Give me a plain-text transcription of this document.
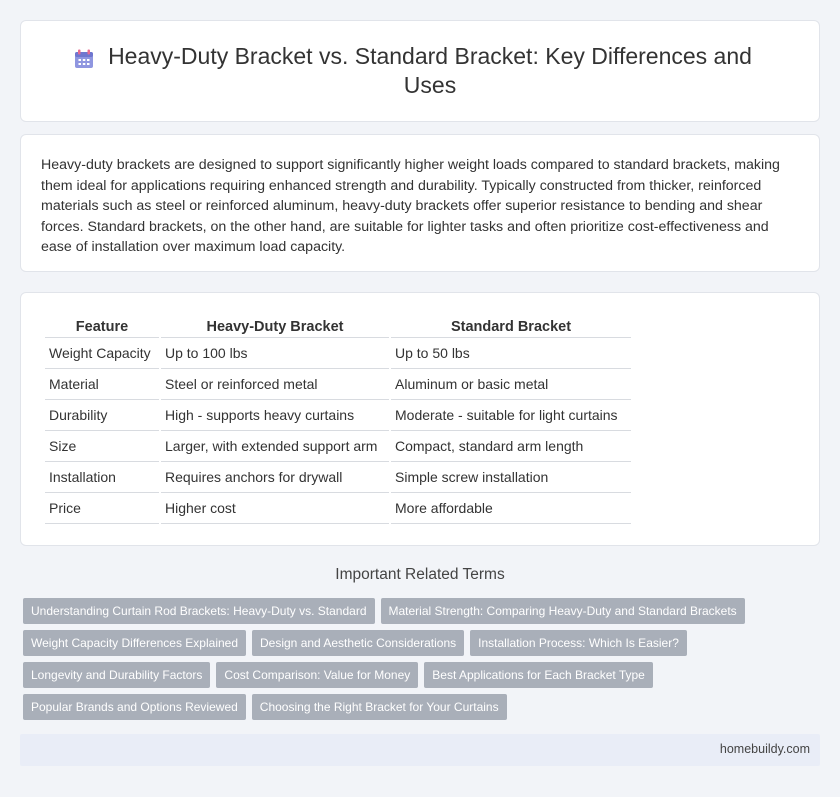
Heavy-Duty Bracket vs. Standard Bracket: Key Differences and Uses

Heavy-duty brackets are designed to support significantly higher weight loads compared to standard brackets, making them ideal for applications requiring enhanced strength and durability. Typically constructed from thicker, reinforced materials such as steel or reinforced aluminum, heavy-duty brackets offer superior resistance to bending and shear forces. Standard brackets, on the other hand, are suitable for lighter tasks and often prioritize cost-effectiveness and ease of installation over maximum load capacity.

Feature	Heavy-Duty Bracket	Standard Bracket
Weight Capacity	Up to 100 lbs	Up to 50 lbs
Material	Steel or reinforced metal	Aluminum or basic metal
Durability	High - supports heavy curtains	Moderate - suitable for light curtains
Size	Larger, with extended support arm	Compact, standard arm length
Installation	Requires anchors for drywall	Simple screw installation
Price	Higher cost	More affordable
Important Related Terms
Understanding Curtain Rod Brackets: Heavy-Duty vs. Standard	Material Strength: Comparing Heavy-Duty and Standard Brackets
Weight Capacity Differences Explained	Design and Aesthetic Considerations	Installation Process: Which Is Easier?
Longevity and Durability Factors	Cost Comparison: Value for Money	Best Applications for Each Bracket Type
Popular Brands and Options Reviewed	Choosing the Right Bracket for Your Curtains
homebuildy.com
